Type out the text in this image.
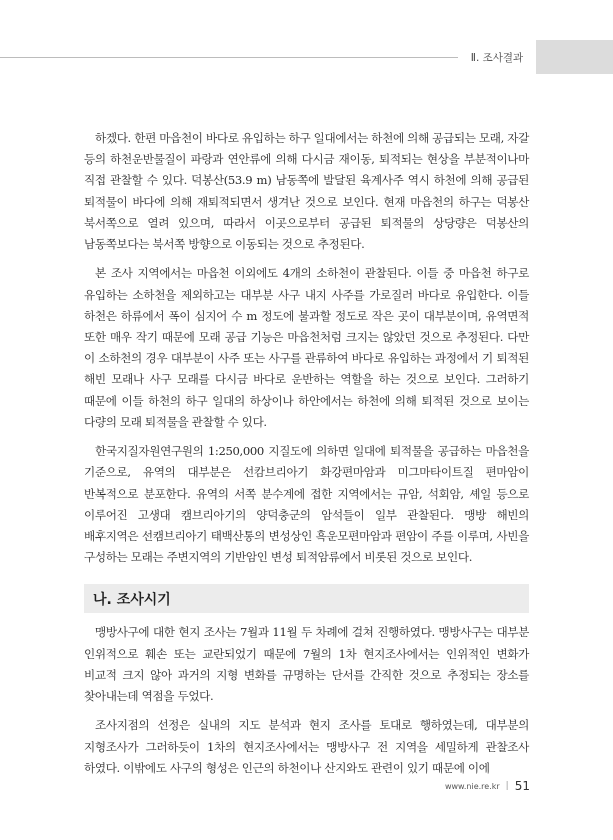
Ⅱ. 조사결과

하겠다. 한편 마읍천이 바다로 유입하는 하구 일대에서는 하천에 의해 공급되는 모래, 자갈 등의 하천운반물질이 파랑과 연안류에 의해 다시금 재이동, 퇴적되는 현상을 부분적이나마 직접 관찰할 수 있다. 덕봉산(53.9 m) 남동쪽에 발달된 육계사주 역시 하천에 의해 공급된 퇴적물이 바다에 의해 재퇴적되면서 생겨난 것으로 보인다. 현재 마읍천의 하구는 덕봉산 북서쪽으로 열려 있으며, 따라서 이곳으로부터 공급된 퇴적물의 상당량은 덕봉산의 남동쪽보다는 북서쪽 방향으로 이동되는 것으로 추정된다.

본 조사 지역에서는 마읍천 이외에도 4개의 소하천이 관찰된다. 이들 중 마읍천 하구로 유입하는 소하천을 제외하고는 대부분 사구 내지 사주를 가로질러 바다로 유입한다. 이들 하천은 하류에서 폭이 심지어 수 m 정도에 불과할 정도로 작은 곳이 대부분이며, 유역면적 또한 매우 작기 때문에 모래 공급 기능은 마읍천처럼 크지는 않았던 것으로 추정된다. 다만 이 소하천의 경우 대부분이 사주 또는 사구를 관류하여 바다로 유입하는 과정에서 기 퇴적된 해빈 모래나 사구 모래를 다시금 바다로 운반하는 역할을 하는 것으로 보인다. 그러하기 때문에 이들 하천의 하구 일대의 하상이나 하안에서는 하천에 의해 퇴적된 것으로 보이는 다량의 모래 퇴적물을 관찰할 수 있다.

한국지질자원연구원의 1:250,000 지질도에 의하면 일대에 퇴적물을 공급하는 마읍천을 기준으로, 유역의 대부분은 선캄브리아기 화강편마암과 미그마타이트질 편마암이 반복적으로 분포한다. 유역의 서쪽 분수계에 접한 지역에서는 규암, 석회암, 셰일 등으로 이루어진 고생대 캠브리아기의 양덕충군의 암석들이 일부 관찰된다. 맹방 해빈의 배후지역은 선캠브리아기 태백산통의 변성상인 흑운모편마암과 편암이 주를 이루며, 사빈을 구성하는 모래는 주변지역의 기반암인 변성 퇴적암류에서 비롯된 것으로 보인다.

나. 조사시기

맹방사구에 대한 현지 조사는 7월과 11월 두 차례에 걸쳐 진행하였다. 맹방사구는 대부분 인위적으로 훼손 또는 교란되었기 때문에 7월의 1차 현지조사에서는 인위적인 변화가 비교적 크지 않아 과거의 지형 변화를 규명하는 단서를 간직한 것으로 추정되는 장소를 찾아내는데 역점을 두었다.

조사지점의 선정은 실내의 지도 분석과 현지 조사를 토대로 행하였는데, 대부분의 지형조사가 그러하듯이 1차의 현지조사에서는 맹방사구 전 지역을 세밀하게 관찰조사 하였다. 이밖에도 사구의 형성은 인근의 하천이나 산지와도 관련이 있기 때문에 이에

www.nie.re.kr | 51
